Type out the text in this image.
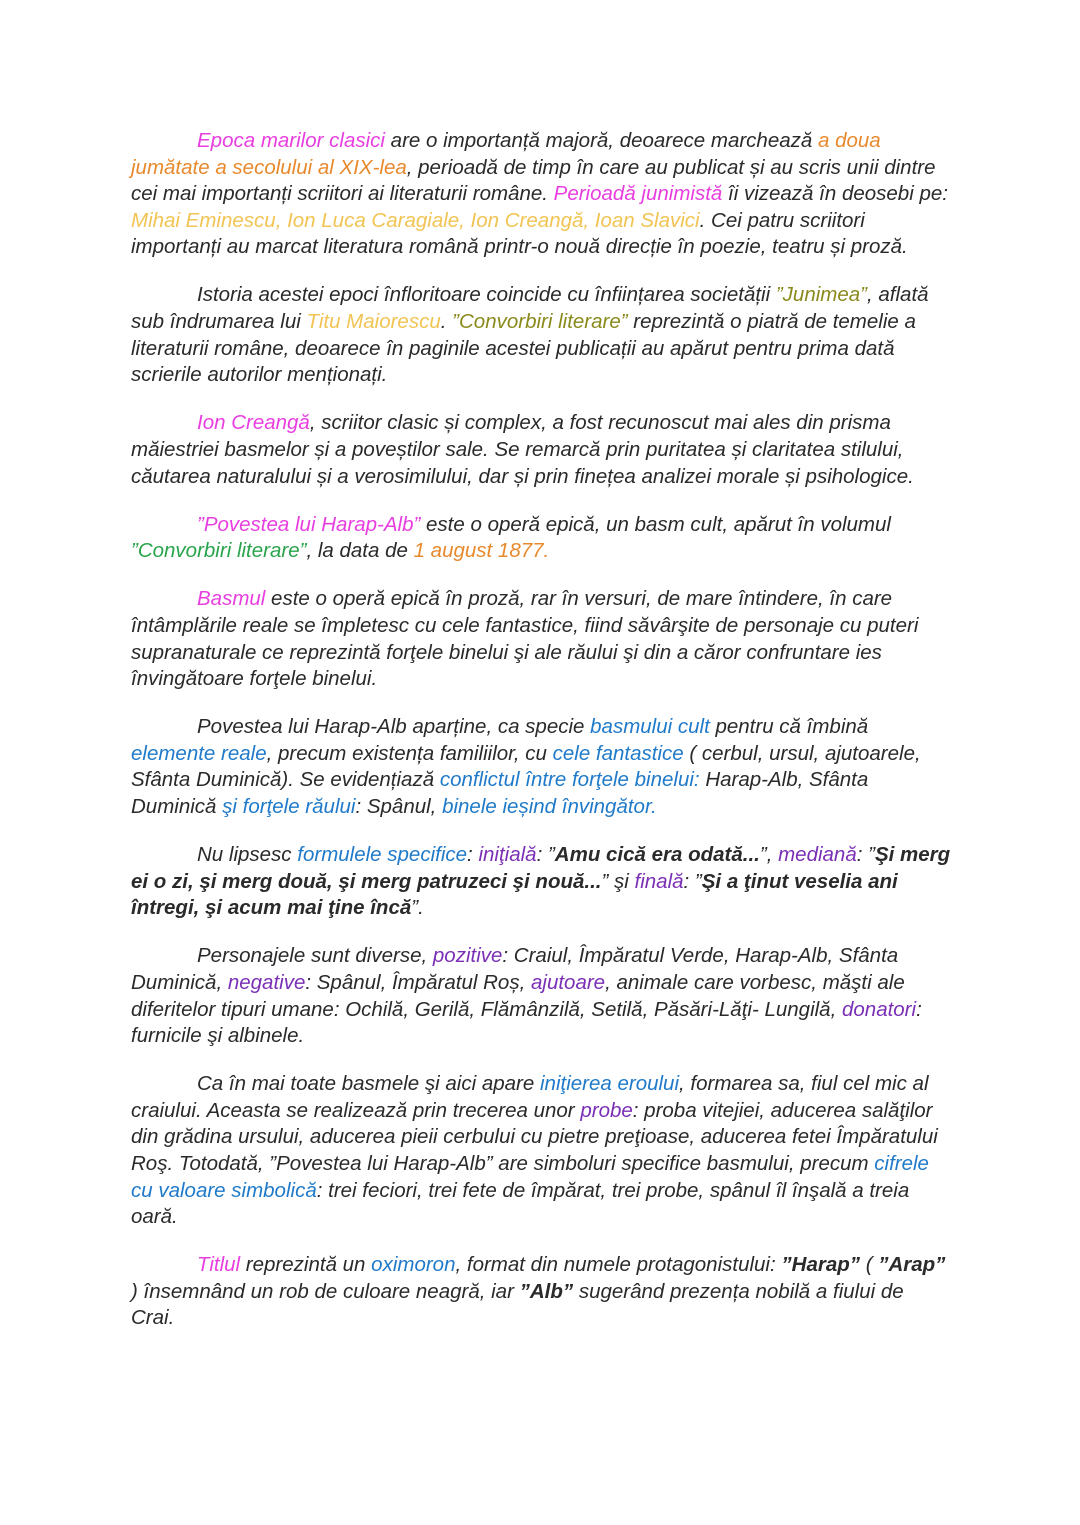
Epoca marilor clasici are o importanță majoră, deoarece marchează a doua jumătate a secolului al XIX-lea, perioadă de timp în care au publicat și au scris unii dintre cei mai importanți scriitori ai literaturii române. Perioadă junimistă îi vizează în deosebi pe: Mihai Eminescu, Ion Luca Caragiale, Ion Creangă, Ioan Slavici. Cei patru scriitori importanți au marcat literatura română printr-o nouă direcție în poezie, teatru și proză.

Istoria acestei epoci înfloritoare coincide cu înființarea societății ”Junimea”, aflată sub îndrumarea lui Titu Maiorescu. ”Convorbiri literare” reprezintă o piatră de temelie a literaturii române, deoarece în paginile acestei publicații au apărut pentru prima dată scrierile autorilor menționați.

Ion Creangă, scriitor clasic și complex, a fost recunoscut mai ales din prisma măiestriei basmelor și a poveștilor sale. Se remarcă prin puritatea și claritatea stilului, căutarea naturalului și a verosimilului, dar și prin finețea analizei morale și psihologice.

”Povestea lui Harap-Alb” este o operă epică, un basm cult, apărut în volumul ”Convorbiri literare”, la data de 1 august 1877.

Basmul este o operă epică în proză, rar în versuri, de mare întindere, în care întâmplările reale se împletesc cu cele fantastice, fiind săvârşite de personaje cu puteri supranaturale ce reprezintă forţele binelui şi ale răului şi din a căror confruntare ies învingătoare forţele binelui.

Povestea lui Harap-Alb aparține, ca specie basmului cult pentru că îmbină elemente reale, precum existența familiilor, cu cele fantastice ( cerbul, ursul, ajutoarele, Sfânta Duminică). Se evidențiază conflictul între forţele binelui: Harap-Alb, Sfânta Duminică şi forţele răului: Spânul, binele ieșind învingător.

Nu lipsesc formulele specifice: iniţială: ”Amu cică era odată...”, mediană: ”Şi merg ei o zi, şi merg două, şi merg patruzeci şi nouă...” şi finală: ”Şi a ţinut veselia ani întregi, şi acum mai ţine încă”.

Personajele sunt diverse, pozitive: Craiul, Împăratul Verde, Harap-Alb, Sfânta Duminică, negative: Spânul, Împăratul Roș, ajutoare, animale care vorbesc, măşti ale diferitelor tipuri umane: Ochilă, Gerilă, Flămânzilă, Setilă, Păsări-Lăţi- Lungilă, donatori: furnicile şi albinele.

Ca în mai toate basmele şi aici apare iniţierea eroului, formarea sa, fiul cel mic al craiului. Aceasta se realizează prin trecerea unor probe: proba vitejiei, aducerea salăţilor din grădina ursului, aducerea pieii cerbului cu pietre preţioase, aducerea fetei Împăratului Roş. Totodată, ”Povestea lui Harap-Alb” are simboluri specifice basmului, precum cifrele cu valoare simbolică: trei feciori, trei fete de împărat, trei probe, spânul îl înşală a treia oară.

Titlul reprezintă un oximoron, format din numele protagonistului: ”Harap” ( ”Arap” ) însemnând un rob de culoare neagră, iar ”Alb” sugerând prezența nobilă a fiului de Crai.
